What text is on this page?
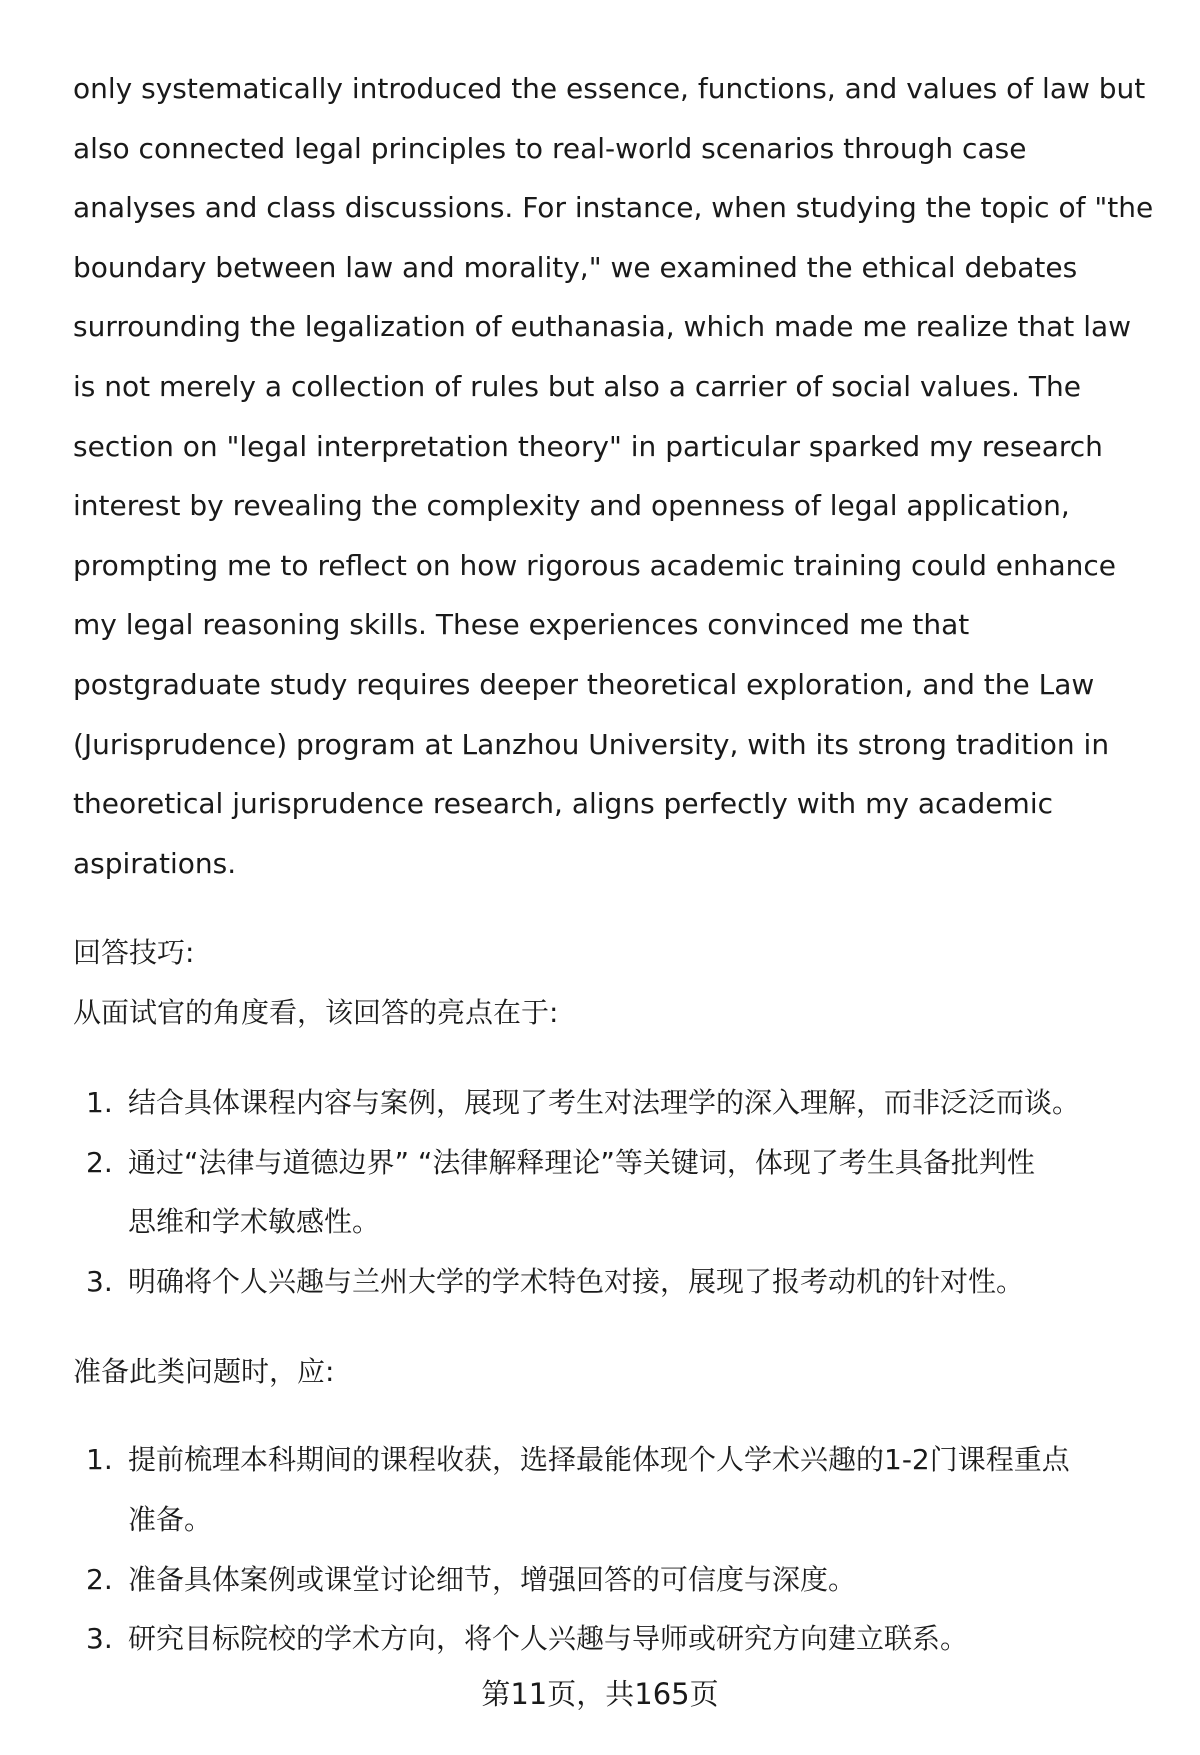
only systematically introduced the essence, functions, and values of law but
also connected legal principles to real-world scenarios through case
analyses and class discussions. For instance, when studying the topic of "the
boundary between law and morality," we examined the ethical debates
surrounding the legalization of euthanasia, which made me realize that law
is not merely a collection of rules but also a carrier of social values. The
section on "legal interpretation theory" in particular sparked my research
interest by revealing the complexity and openness of legal application,
prompting me to reflect on how rigorous academic training could enhance
my legal reasoning skills. These experiences convinced me that
postgraduate study requires deeper theoretical exploration, and the Law
(Jurisprudence) program at Lanzhou University, with its strong tradition in
theoretical jurisprudence research, aligns perfectly with my academic
aspirations.
回答技巧:
从面试官的角度看，该回答的亮点在于:
1. 结合具体课程内容与案例，展现了考生对法理学的深入理解，而非泛泛而谈。
2. 通过“法律与道德边界” “法律解释理论”等关键词，体现了考生具备批判性
思维和学术敏感性。
3. 明确将个人兴趣与兰州大学的学术特色对接，展现了报考动机的针对性。
准备此类问题时，应:
1. 提前梳理本科期间的课程收获，选择最能体现个人学术兴趣的1-2门课程重点
准备。
2. 准备具体案例或课堂讨论细节，增强回答的可信度与深度。
3. 研究目标院校的学术方向，将个人兴趣与导师或研究方向建立联系。
第11页，共165页
